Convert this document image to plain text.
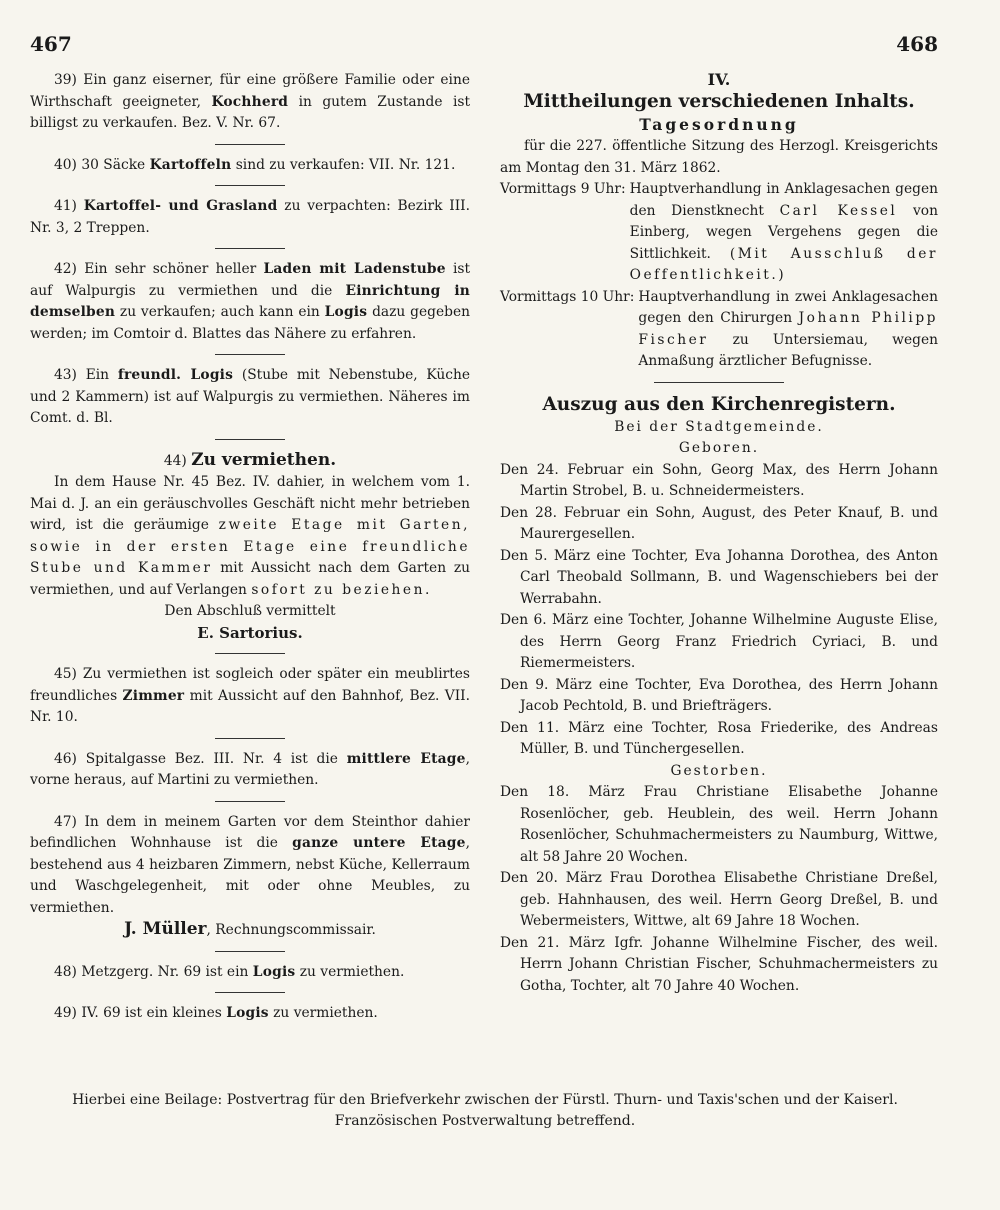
467	468

39) Ein ganz eiserner, für eine größere Familie oder eine Wirthschaft geeigneter, Kochherd in gutem Zustande ist billigst zu verkaufen. Bez. V. Nr. 67.

40) 30 Säcke Kartoffeln sind zu verkaufen: VII. Nr. 121.

41) Kartoffel- und Grasland zu verpachten: Bezirk III. Nr. 3, 2 Treppen.

42) Ein sehr schöner heller Laden mit Ladenstube ist auf Walpurgis zu vermiethen und die Einrichtung in demselben zu verkaufen; auch kann ein Logis dazu gegeben werden; im Comtoir d. Blattes das Nähere zu erfahren.

43) Ein freundl. Logis (Stube mit Nebenstube, Küche und 2 Kammern) ist auf Walpurgis zu vermiethen. Näheres im Comt. d. Bl.

44) Zu vermiethen.

In dem Hause Nr. 45 Bez. IV. dahier, in welchem vom 1. Mai d. J. an ein geräuschvolles Geschäft nicht mehr betrieben wird, ist die geräumige zweite Etage mit Garten, sowie in der ersten Etage eine freundliche Stube und Kammer mit Aussicht nach dem Garten zu vermiethen, und auf Verlangen sofort zu beziehen.

Den Abschluß vermittelt
E. Sartorius.

45) Zu vermiethen ist sogleich oder später ein meublirtes freundliches Zimmer mit Aussicht auf den Bahnhof, Bez. VII. Nr. 10.

46) Spitalgasse Bez. III. Nr. 4 ist die mittlere Etage, vorne heraus, auf Martini zu vermiethen.

47) In dem in meinem Garten vor dem Steinthor dahier befindlichen Wohnhause ist die ganze untere Etage, bestehend aus 4 heizbaren Zimmern, nebst Küche, Kellerraum und Waschgelegenheit, mit oder ohne Meubles, zu vermiethen.

J. Müller, Rechnungscommissair.

48) Metzgerg. Nr. 69 ist ein Logis zu vermiethen.

49) IV. 69 ist ein kleines Logis zu vermiethen.

IV.
Mittheilungen verschiedenen Inhalts.
Tagesordnung

für die 227. öffentliche Sitzung des Herzogl. Kreisgerichts am Montag den 31. März 1862.

Vormittags 9 Uhr: Hauptverhandlung in Anklagesachen gegen den Dienstknecht Carl Kessel von Einberg, wegen Vergehens gegen die Sittlichkeit. (Mit Ausschluß der Oeffentlichkeit.)
Vormittags 10 Uhr: Hauptverhandlung in zwei Anklagesachen gegen den Chirurgen Johann Philipp Fischer zu Untersiemau, wegen Anmaßung ärztlicher Befugnisse.
Auszug aus den Kirchenregistern.
Bei der Stadtgemeinde.
Geboren.

Den 24. Februar ein Sohn, Georg Max, des Herrn Johann Martin Strobel, B. u. Schneidermeisters.

Den 28. Februar ein Sohn, August, des Peter Knauf, B. und Maurergesellen.

Den 5. März eine Tochter, Eva Johanna Dorothea, des Anton Carl Theobald Sollmann, B. und Wagenschiebers bei der Werrabahn.

Den 6. März eine Tochter, Johanne Wilhelmine Auguste Elise, des Herrn Georg Franz Friedrich Cyriaci, B. und Riemermeisters.

Den 9. März eine Tochter, Eva Dorothea, des Herrn Johann Jacob Pechtold, B. und Briefträgers.

Den 11. März eine Tochter, Rosa Friederike, des Andreas Müller, B. und Tünchergesellen.

Gestorben.

Den 18. März Frau Christiane Elisabethe Johanne Rosenlöcher, geb. Heublein, des weil. Herrn Johann Rosenlöcher, Schuhmachermeisters zu Naumburg, Wittwe, alt 58 Jahre 20 Wochen.

Den 20. März Frau Dorothea Elisabethe Christiane Dreßel, geb. Hahnhausen, des weil. Herrn Georg Dreßel, B. und Webermeisters, Wittwe, alt 69 Jahre 18 Wochen.

Den 21. März Igfr. Johanne Wilhelmine Fischer, des weil. Herrn Johann Christian Fischer, Schuhmachermeisters zu Gotha, Tochter, alt 70 Jahre 40 Wochen.

Hierbei eine Beilage: Postvertrag für den Briefverkehr zwischen der Fürstl. Thurn- und Taxis'schen und der Kaiserl. Französischen Postverwaltung betreffend.
